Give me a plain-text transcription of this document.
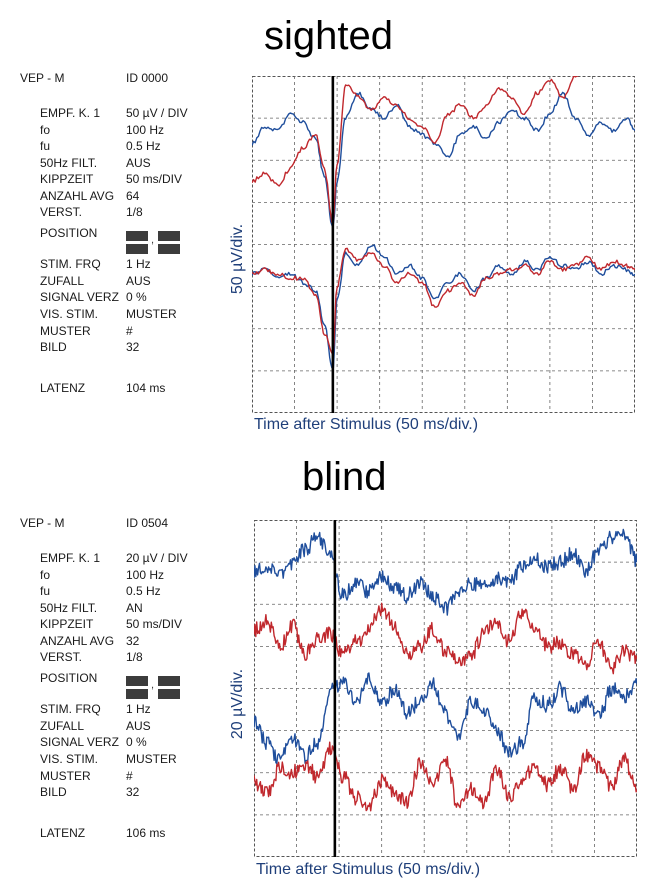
sighted
VEP - M	ID 0000
EMPF. K. 1 50 µV / DIV
fo	100 Hz
fu	0.5 Hz
50Hz FILT. AUS
KIPPZEIT	50 ms/DIV
ANZAHL AVG 64
VERST.	1/8
POSITION	,
STIM. FRQ 1 Hz
ZUFALL	AUS
SIGNAL VERZ 0 %
VIS. STIM. MUSTER
MUSTER	#
BILD	32
LATENZ	104 ms
50 µV/div.
Time after Stimulus (50 ms/div.)
blind
VEP - M	ID 0504
EMPF. K. 1 20 µV / DIV
fo	100 Hz
fu	0.5 Hz
50Hz FILT. AN
KIPPZEIT	50 ms/DIV
ANZAHL AVG 32
VERST.	1/8
POSITION	,
STIM. FRQ 1 Hz
ZUFALL	AUS
SIGNAL VERZ 0 %
VIS. STIM. MUSTER
MUSTER	#
BILD	32
LATENZ	106 ms
20 µV/div.
Time after Stimulus (50 ms/div.)
